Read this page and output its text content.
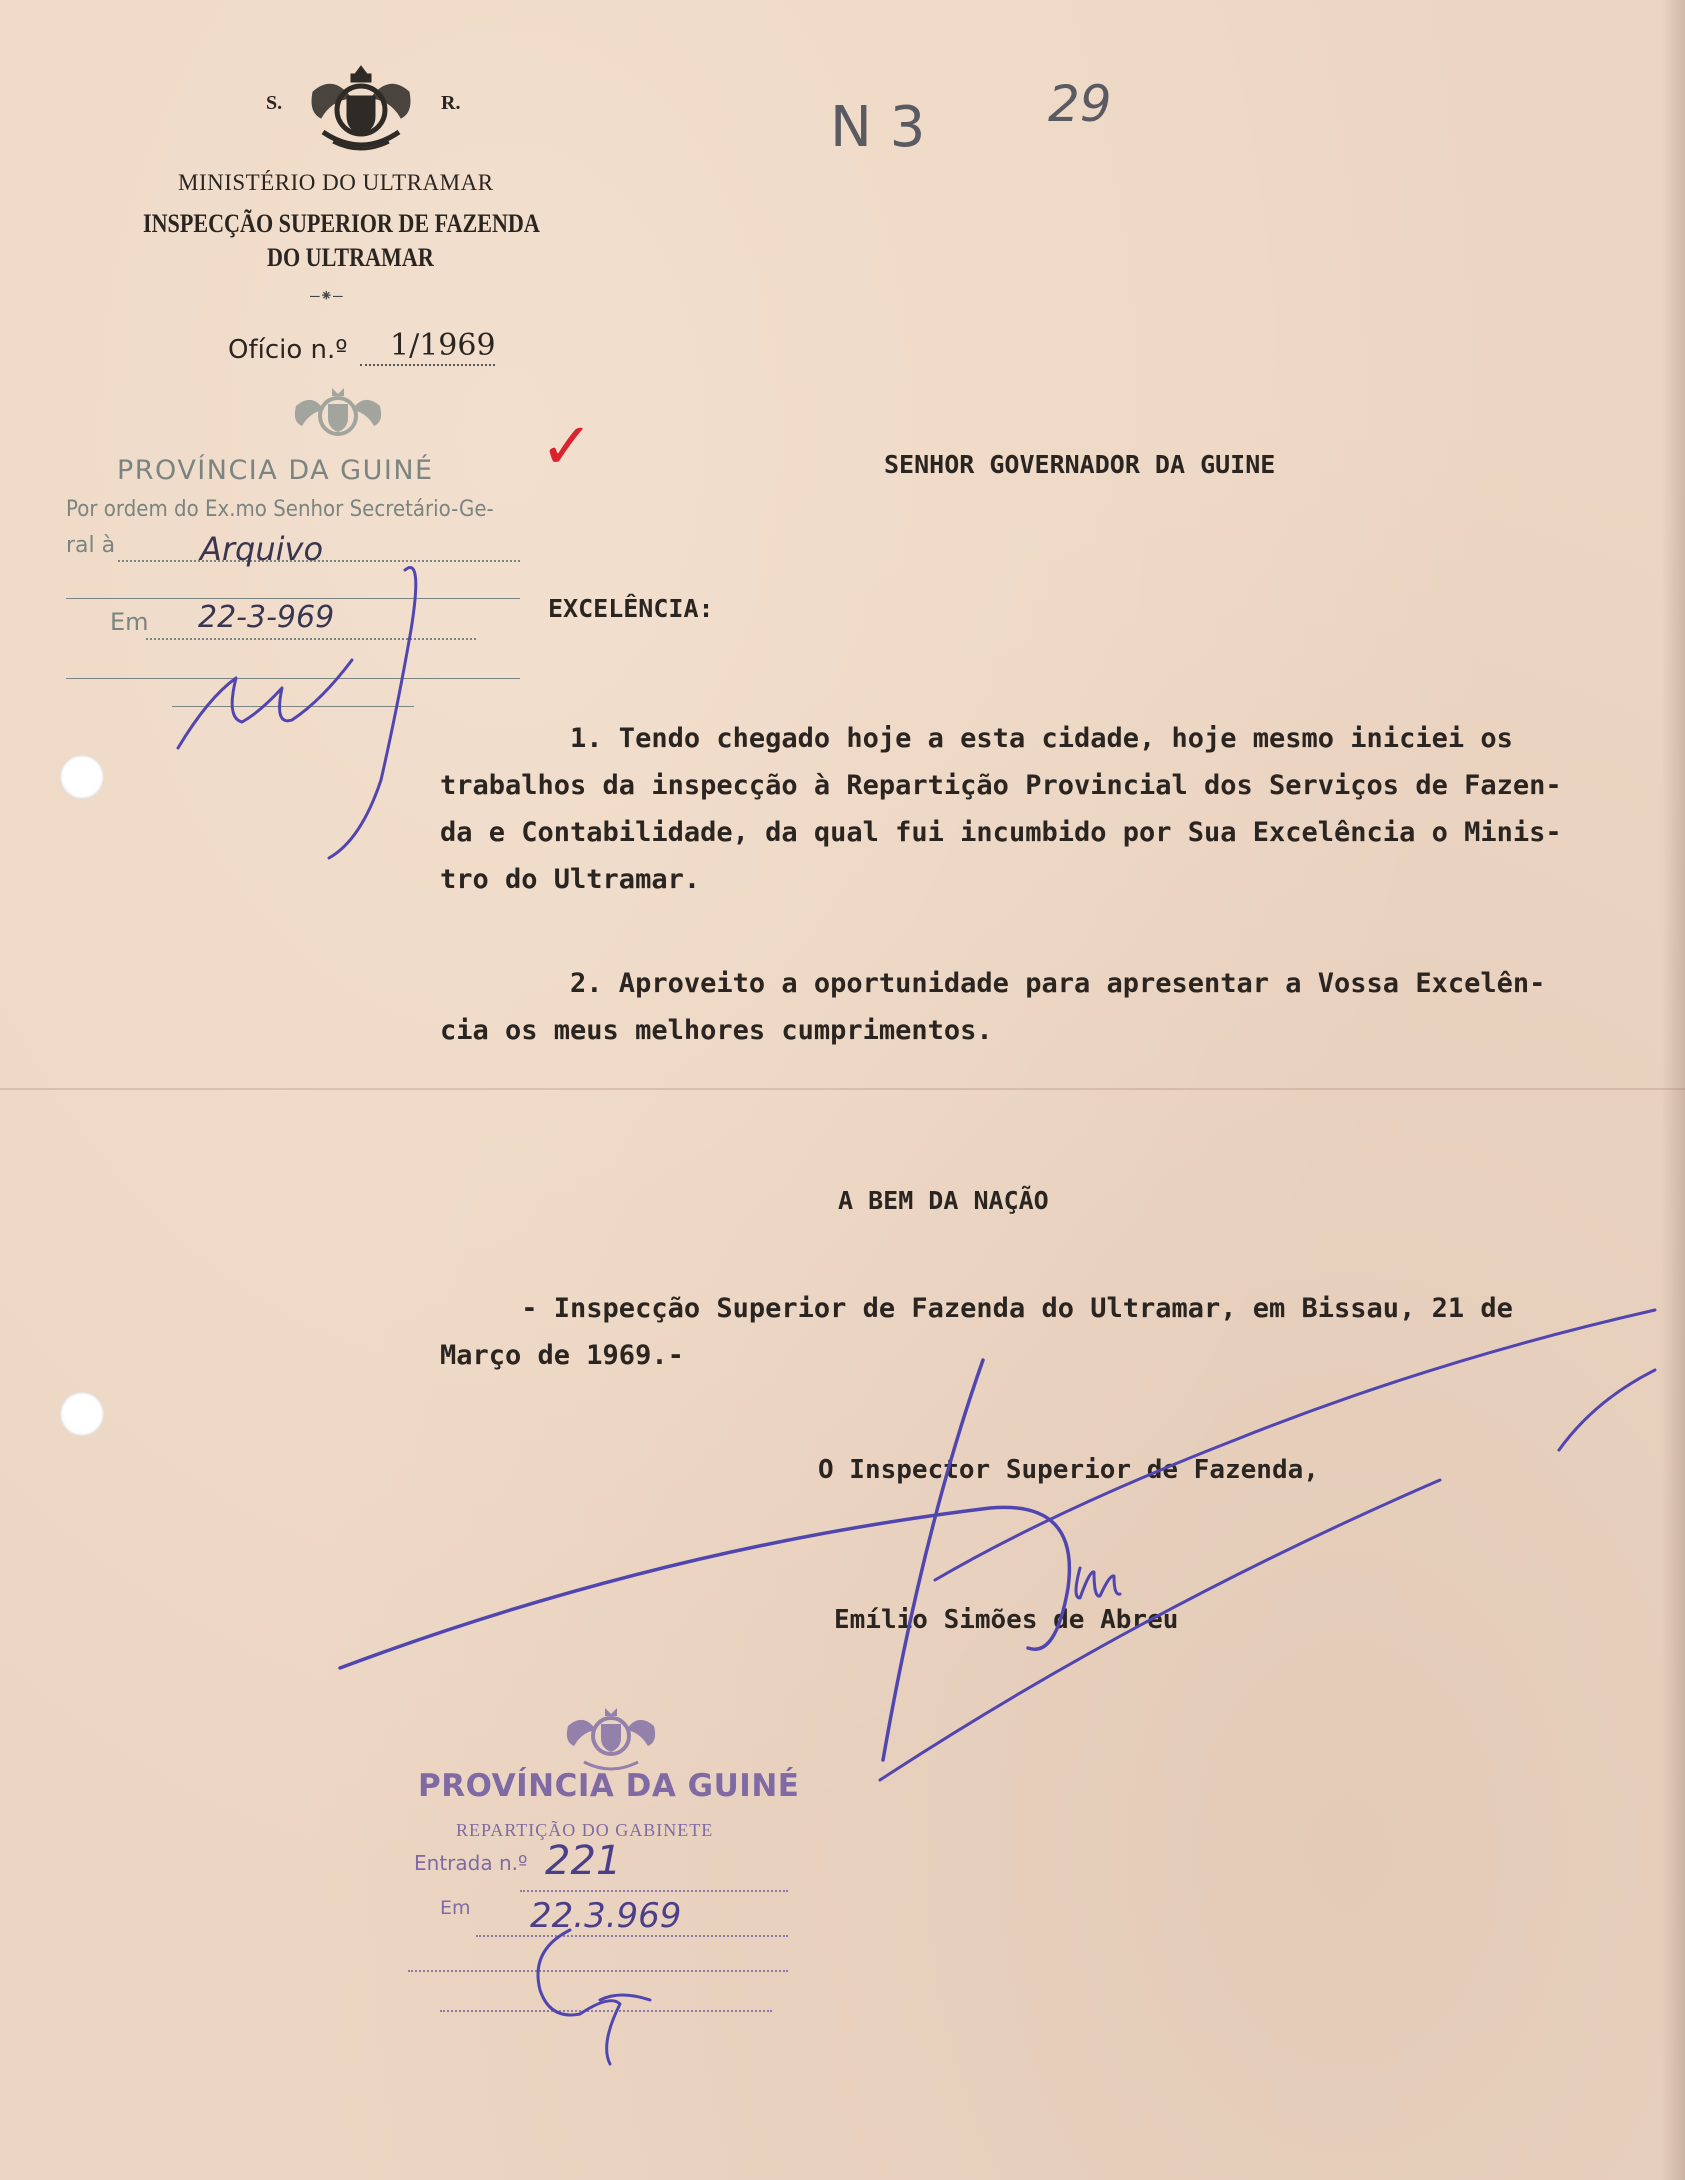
S.	R.
MINISTÉRIO DO ULTRAMAR
INSPECÇÃO SUPERIOR DE FAZENDA
DO ULTRAMAR
—⁕—
Ofício n.º 1/1969
N 3 29
PROVÍNCIA DA GUINÉ
Por ordem do Ex.mo Senhor Secretário-Ge-
ral à
Em
Arquivo
22-3-969
✓	SENHOR GOVERNADOR DA GUINE
EXCELÊNCIA:
1. Tendo chegado hoje a esta cidade, hoje mesmo iniciei os
trabalhos da inspecção à Repartição Provincial dos Serviços de Fazen-
da e Contabilidade, da qual fui incumbido por Sua Excelência o Minis-
tro do Ultramar.
2. Aproveito a oportunidade para apresentar a Vossa Excelên-
cia os meus melhores cumprimentos.
A BEM DA NAÇÃO
- Inspecção Superior de Fazenda do Ultramar, em Bissau, 21 de
Março de 1969.-
O Inspector Superior de Fazenda,
Emílio Simões de Abreu
PROVÍNCIA DA GUINÉ
REPARTIÇÃO DO GABINETE
Entrada n.º
Em
221
22.3.969
